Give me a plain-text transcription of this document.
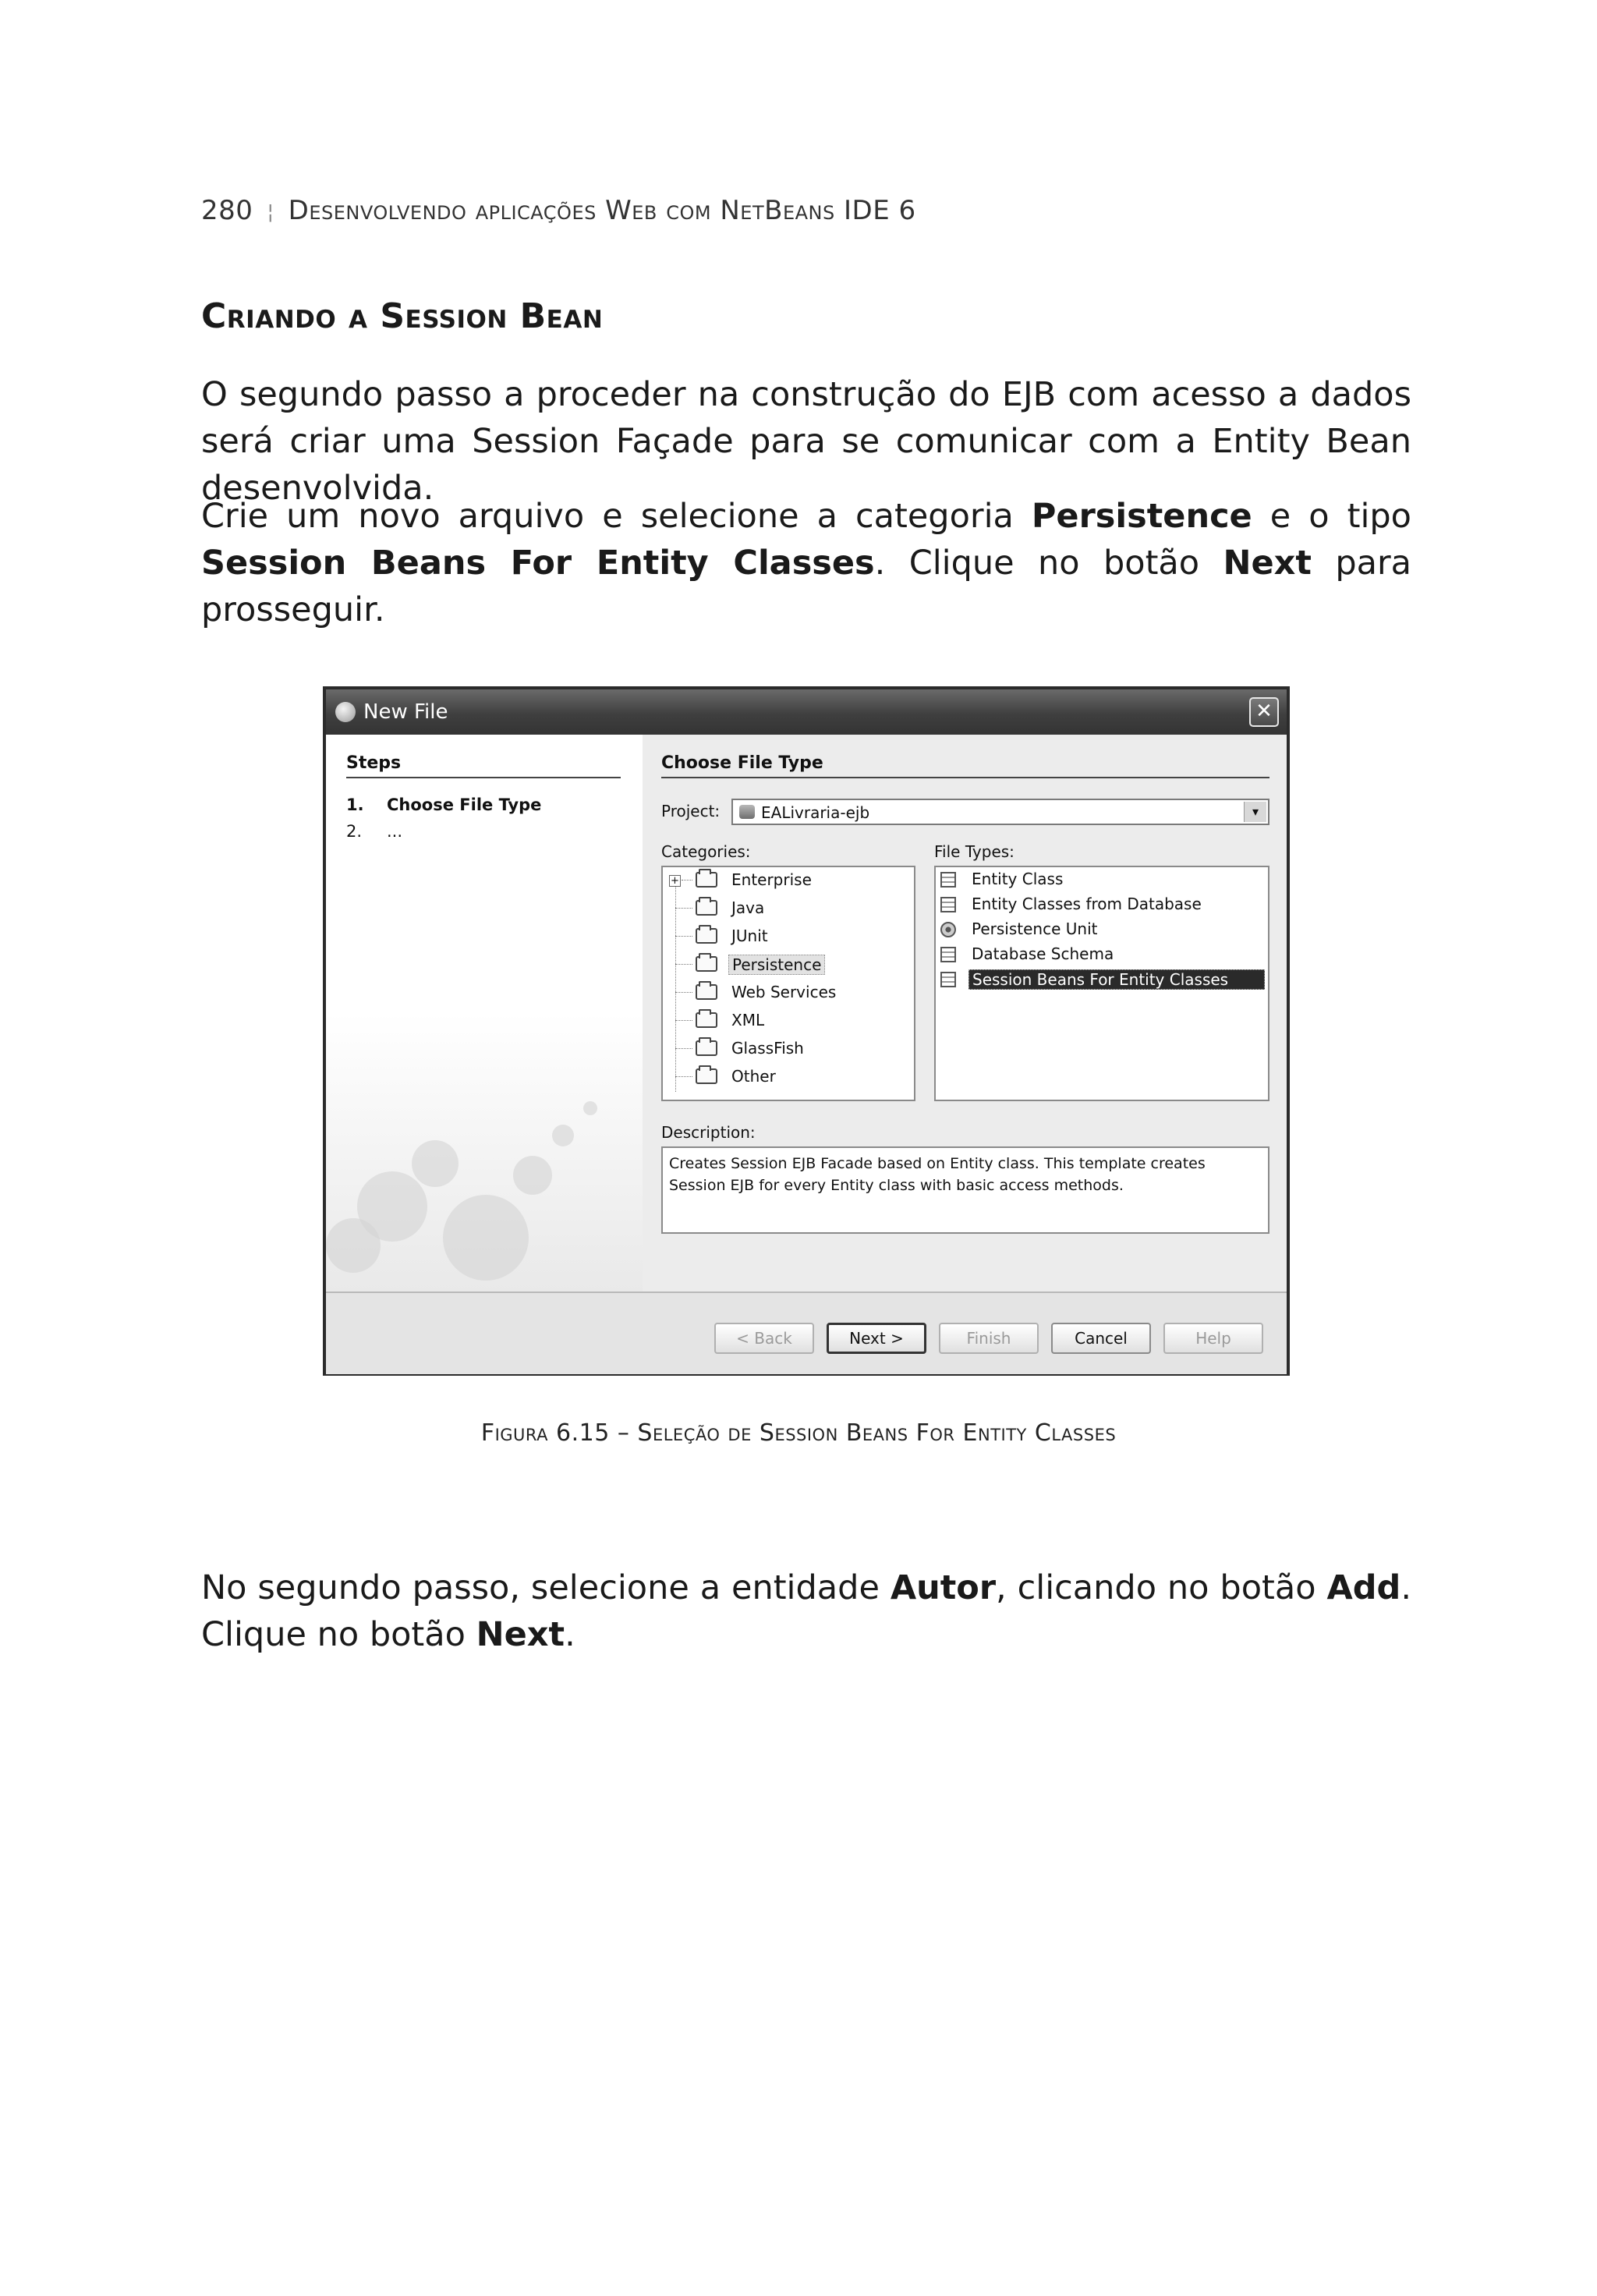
280 ¦ Desenvolvendo aplicações Web com NetBeans IDE 6
Criando a Session Bean
O segundo passo a proceder na construção do EJB com acesso a dados será criar uma Session Façade para se comunicar com a Entity Bean desenvolvida.
Crie um novo arquivo e selecione a categoria Persistence e o tipo Session Beans For Entity Classes. Clique no botão Next para prosseguir.
New File	✕
Steps
1. Choose File Type
2. ...
Choose File Type
Project:	EALivraria-ejb	▾
Categories:	File Types:
+	Enterprise
Java
JUnit
Persistence
Web Services
XML
GlassFish
Other
Entity Class
Entity Classes from Database
Persistence Unit
Database Schema
Session Beans For Entity Classes
Description:
Creates Session EJB Facade based on Entity class. This template creates Session EJB for every Entity class with basic access methods.
< Back	Next >	Finish	Cancel	Help
Figura 6.15 – Seleção de Session Beans For Entity Classes
No segundo passo, selecione a entidade Autor, clicando no botão Add. Clique no botão Next.
